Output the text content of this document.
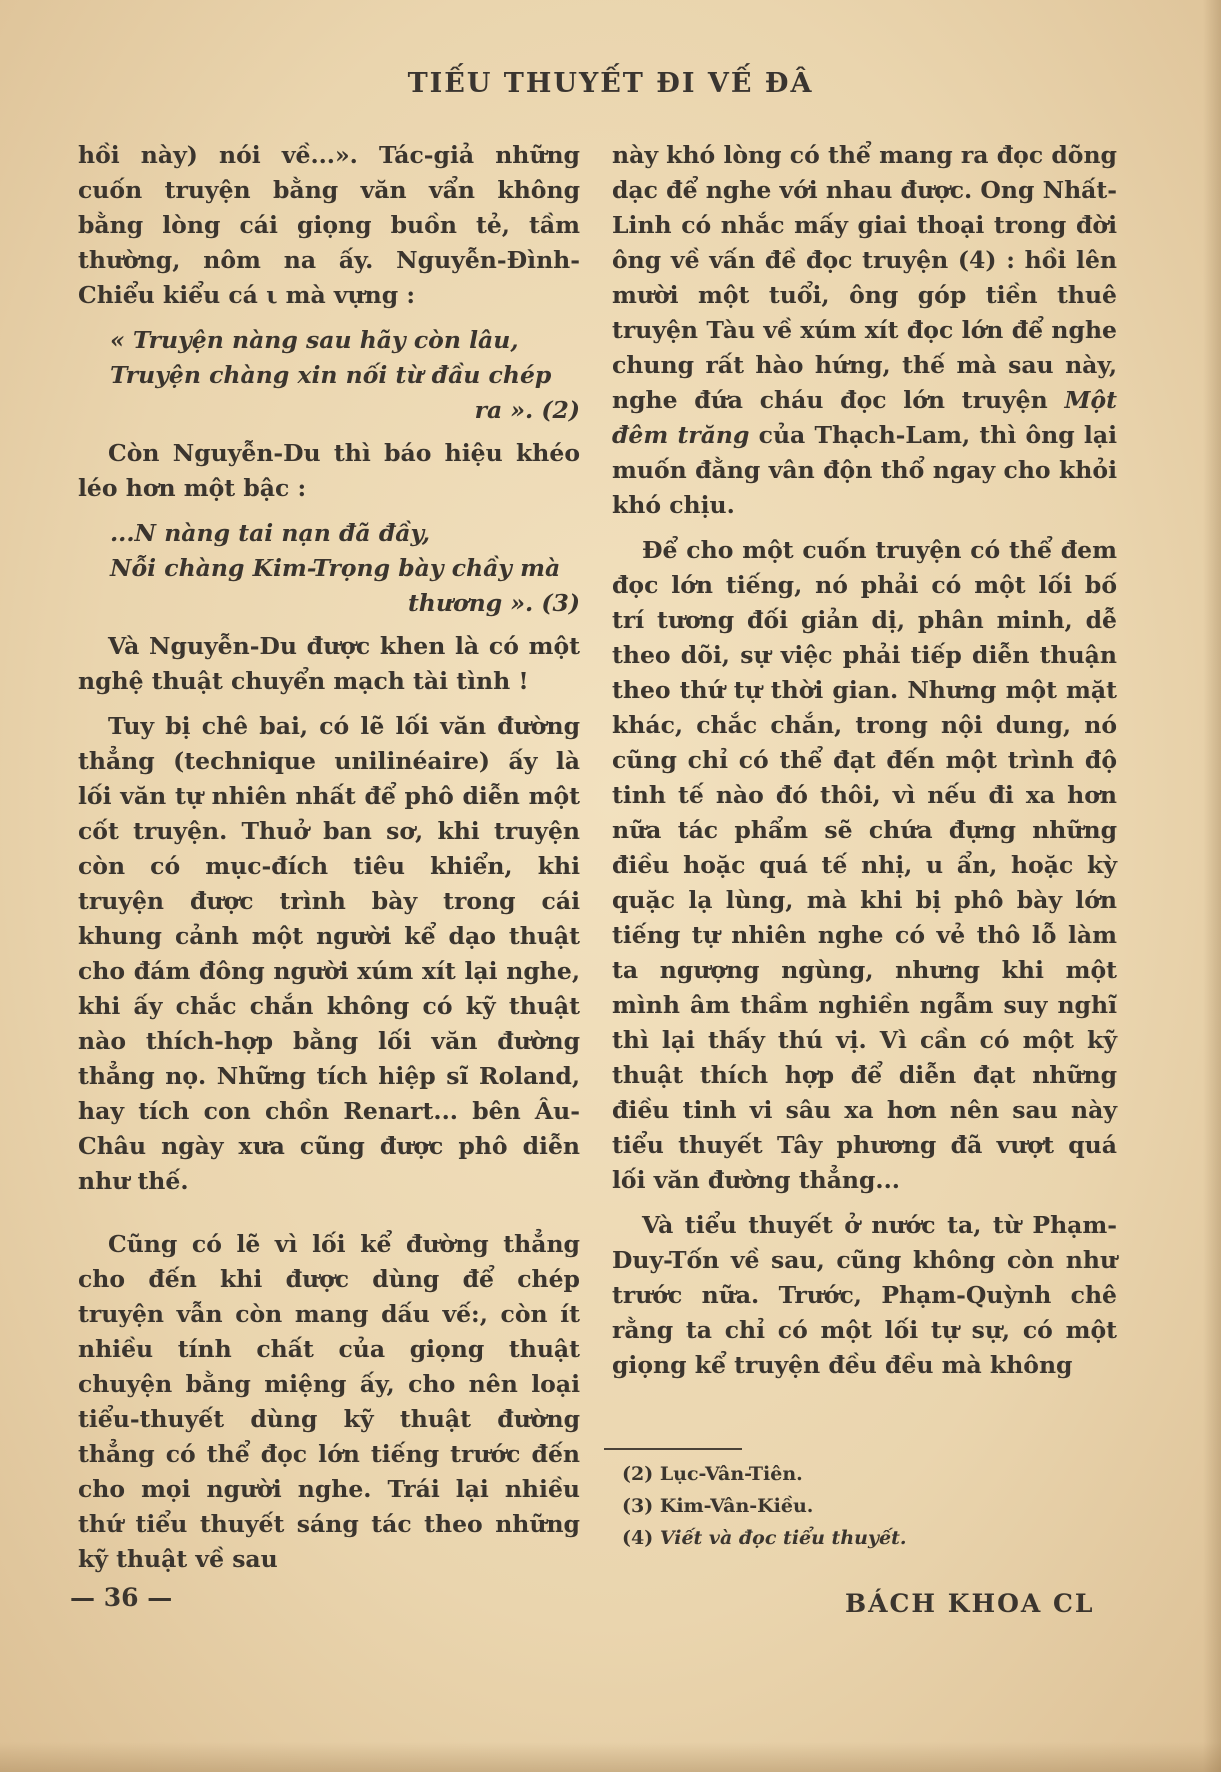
TIẾU THUYẾT ĐI VẾ ĐÂ

hồi này) nói về...». Tác-giả những cuốn truyện bằng văn vẩn không bằng lòng cái giọng buồn tẻ, tầm thường, nôm na ấy. Nguyễn-Đình-Chiểu kiểu cá ι mà vựng :

« Truyện nàng sau hãy còn lâu,
Truyện chàng xin nối từ đầu chép
ra ». (2)

Còn Nguyễn-Du thì báo hiệu khéo léo hơn một bậc :

...N nàng tai nạn đã đầy,
Nỗi chàng Kim-Trọng bày chầy mà
thương ». (3)

Và Nguyễn-Du được khen là có một nghệ thuật chuyển mạch tài tình !

Tuy bị chê bai, có lẽ lối văn đường thẳng (technique unilinéaire) ấy là lối văn tự nhiên nhất để phô diễn một cốt truyện. Thuở ban sơ, khi truyện còn có mục-đích tiêu khiển, khi truyện được trình bày trong cái khung cảnh một người kể dạo thuật cho đám đông người xúm xít lại nghe, khi ấy chắc chắn không có kỹ thuật nào thích-hợp bằng lối văn đường thẳng nọ. Những tích hiệp sĩ Roland, hay tích con chồn Renart... bên Âu-Châu ngày xưa cũng được phô diễn như thế.

Cũng có lẽ vì lối kể đường thẳng cho đến khi được dùng để chép truyện vẫn còn mang dấu vế:, còn ít nhiều tính chất của giọng thuật chuyện bằng miệng ấy, cho nên loại tiểu-thuyết dùng kỹ thuật đường thẳng có thể đọc lớn tiếng trước đến cho mọi người nghe. Trái lại nhiều thứ tiểu thuyết sáng tác theo những kỹ thuật về sau

này khó lòng có thể mang ra đọc dõng dạc để nghe với nhau được. Ong Nhất-Linh có nhắc mấy giai thoại trong đời ông về vấn đề đọc truyện (4) : hồi lên mười một tuổi, ông góp tiền thuê truyện Tàu về xúm xít đọc lớn để nghe chung rất hào hứng, thế mà sau này, nghe đứa cháu đọc lớn truyện Một đêm trăng của Thạch-Lam, thì ông lại muốn đằng vân độn thổ ngay cho khỏi khó chịu.

Để cho một cuốn truyện có thể đem đọc lớn tiếng, nó phải có một lối bố trí tương đối giản dị, phân minh, dễ theo dõi, sự việc phải tiếp diễn thuận theo thứ tự thời gian. Nhưng một mặt khác, chắc chắn, trong nội dung, nó cũng chỉ có thể đạt đến một trình độ tinh tế nào đó thôi, vì nếu đi xa hơn nữa tác phẩm sẽ chứa đựng những điều hoặc quá tế nhị, u ẩn, hoặc kỳ quặc lạ lùng, mà khi bị phô bày lớn tiếng tự nhiên nghe có vẻ thô lỗ làm ta ngượng ngùng, nhưng khi một mình âm thầm nghiền ngẫm suy nghĩ thì lại thấy thú vị. Vì cần có một kỹ thuật thích hợp để diễn đạt những điều tinh vi sâu xa hơn nên sau này tiểu thuyết Tây phương đã vượt quá lối văn đường thẳng...

Và tiểu thuyết ở nước ta, từ Phạm-Duy-Tốn về sau, cũng không còn như trước nữa. Trước, Phạm-Quỳnh chê rằng ta chỉ có một lối tự sự, có một giọng kể truyện đều đều mà không

(2) Lục-Vân-Tiên.
(3) Kim-Vân-Kiều.
(4) Viết và đọc tiểu thuyết.
— 36 —	BÁCH KHOA CL
